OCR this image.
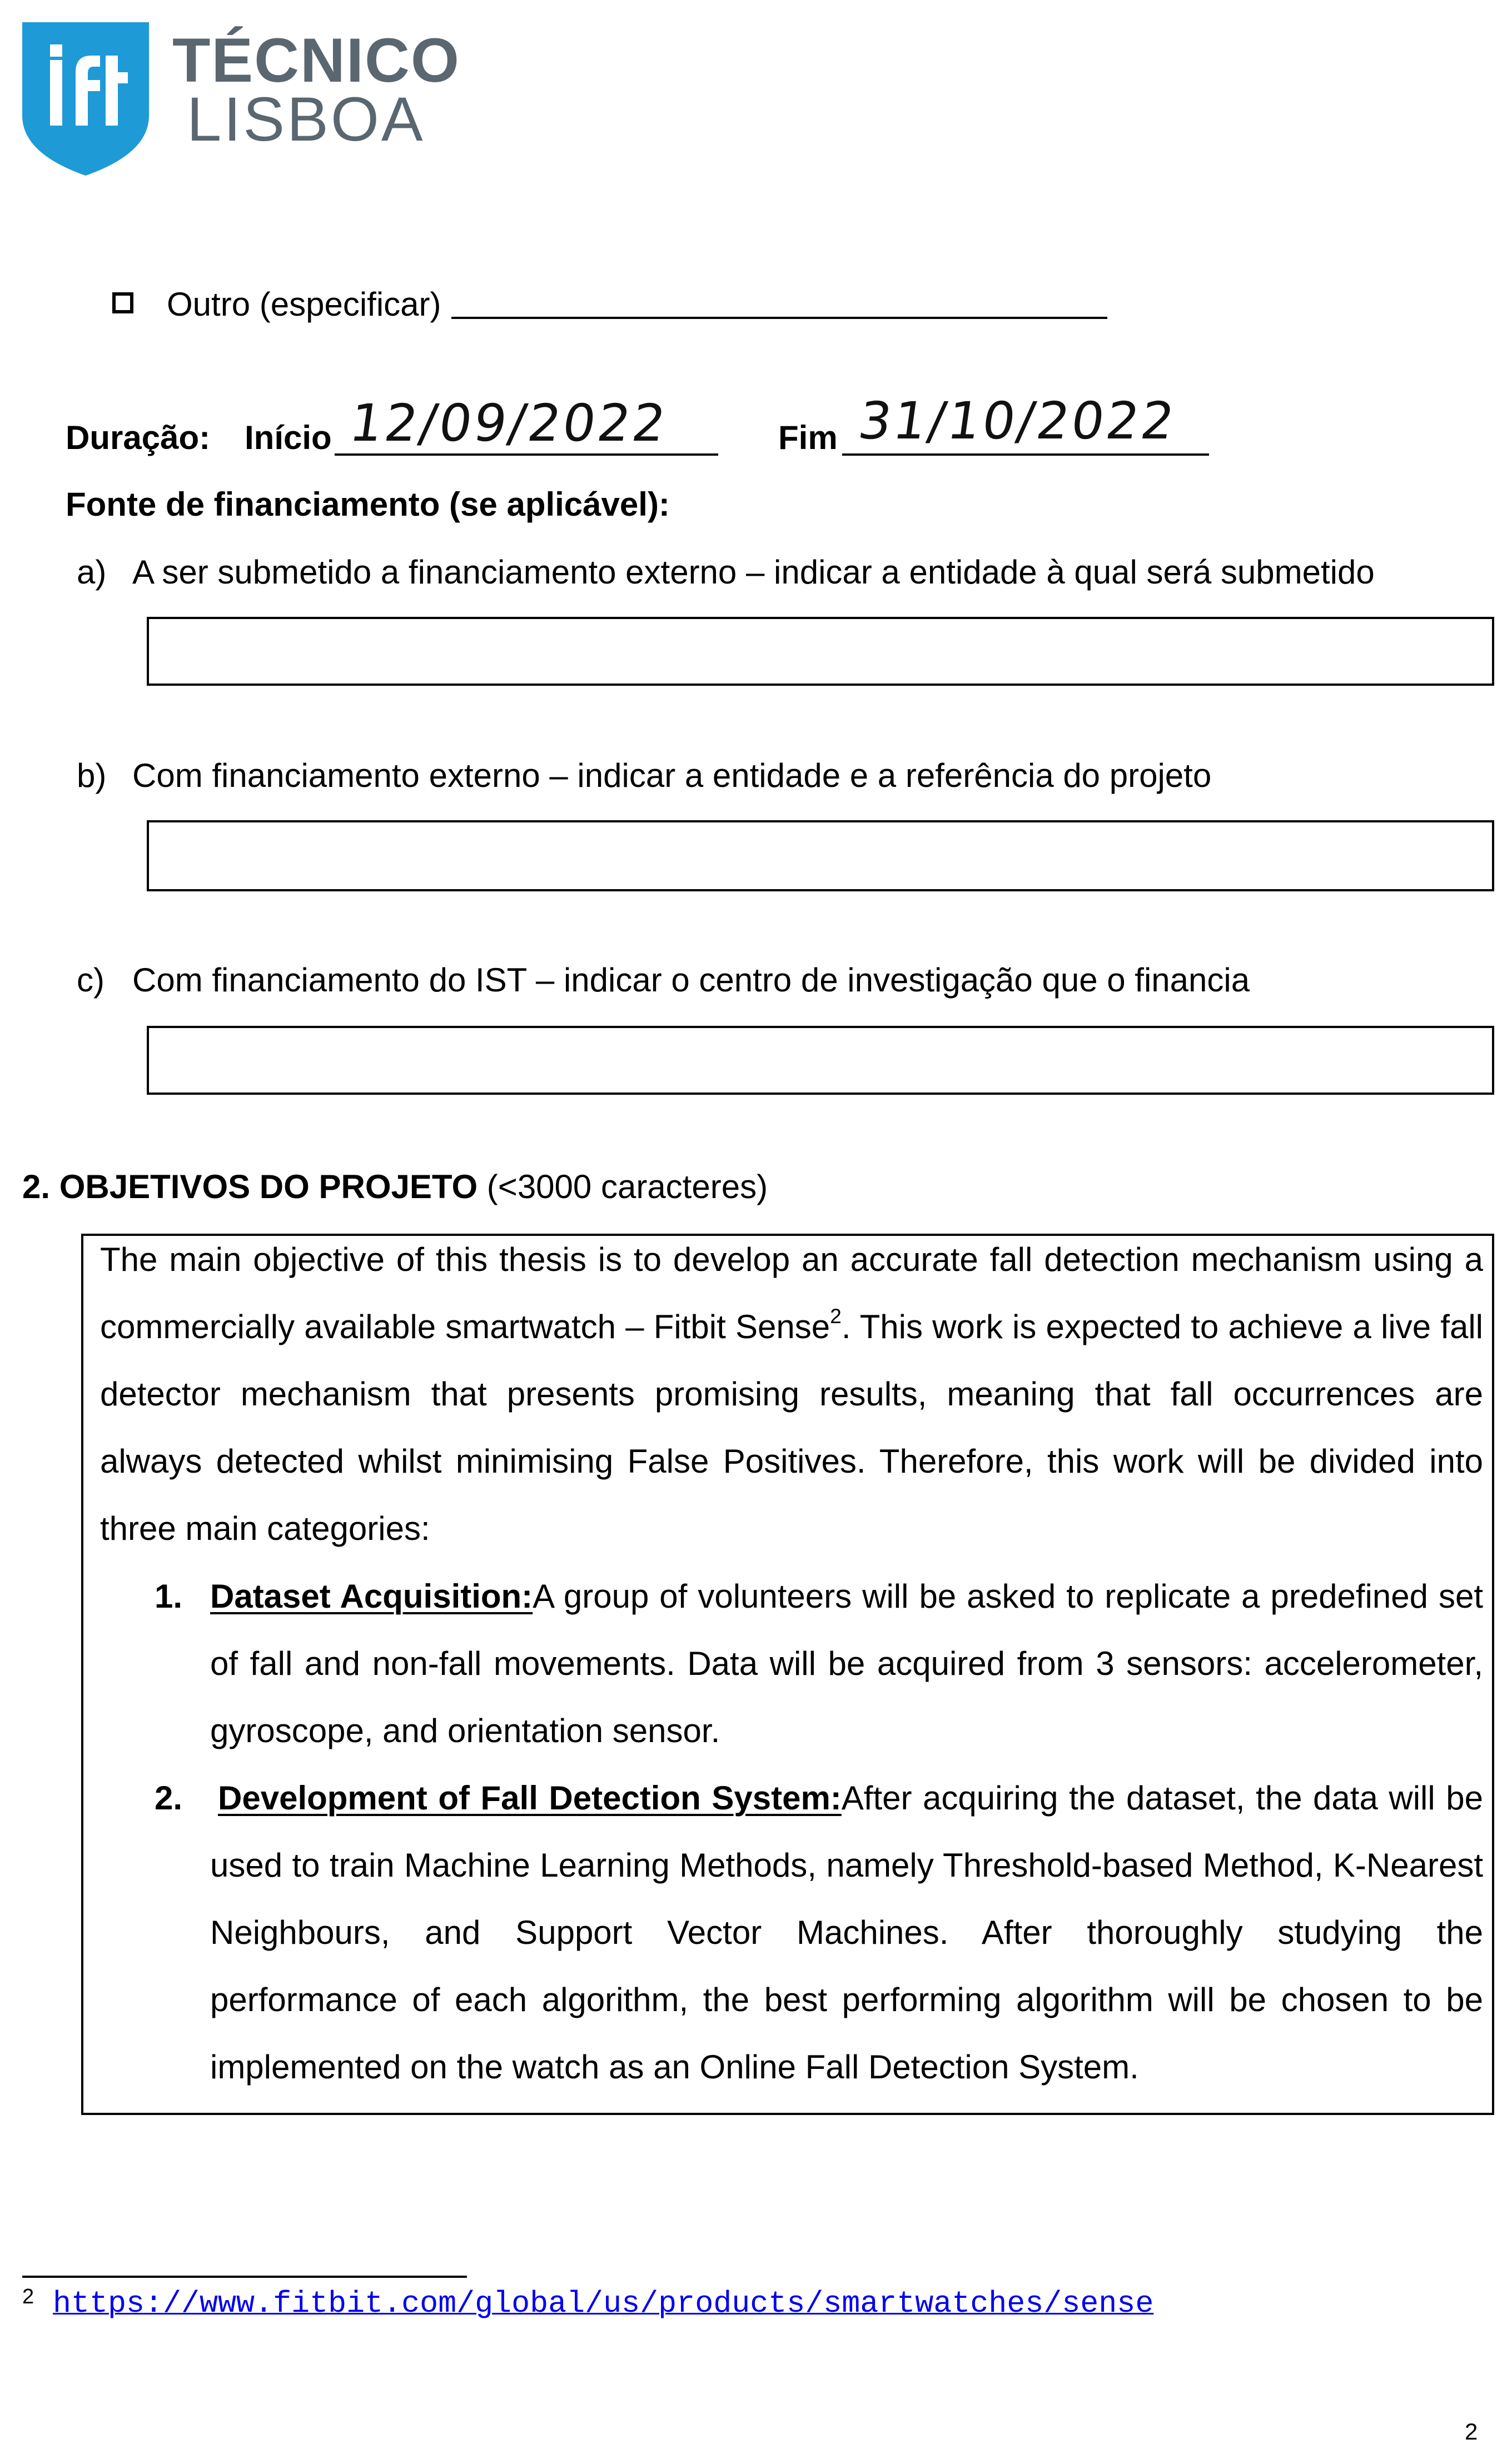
TÉCNICO
LISBOA
Outro (especificar)
Duração: Início 12/09/2022	Fim 31/10/2022
Fonte de financiamento (se aplicável):
a) A ser submetido a financiamento externo – indicar a entidade à qual será submetido
b) Com financiamento externo – indicar a entidade e a referência do projeto
c) Com financiamento do IST – indicar o centro de investigação que o financia
2. OBJETIVOS DO PROJETO (<3000 caracteres)
The main objective of this thesis is to develop an accurate fall detection mechanism using a
commercially available smartwatch – Fitbit Sense$^2$. This work is expected to achieve a live fall
detector mechanism that presents promising results, meaning that fall occurrences are
always detected whilst minimising False Positives. Therefore, this work will be divided into
three main categories:
1. Dataset Acquisition:A group of volunteers will be asked to replicate a predefined set
of fall and non-fall movements. Data will be acquired from 3 sensors: accelerometer,
gyroscope, and orientation sensor.
2. Development of Fall Detection System:After acquiring the dataset, the data will be
used to train Machine Learning Methods, namely Threshold-based Method, K-Nearest
Neighbours, and Support Vector Machines. After thoroughly studying the
performance of each algorithm, the best performing algorithm will be chosen to be
implemented on the watch as an Online Fall Detection System.
2 https://www.fitbit.com/global/us/products/smartwatches/sense
2
